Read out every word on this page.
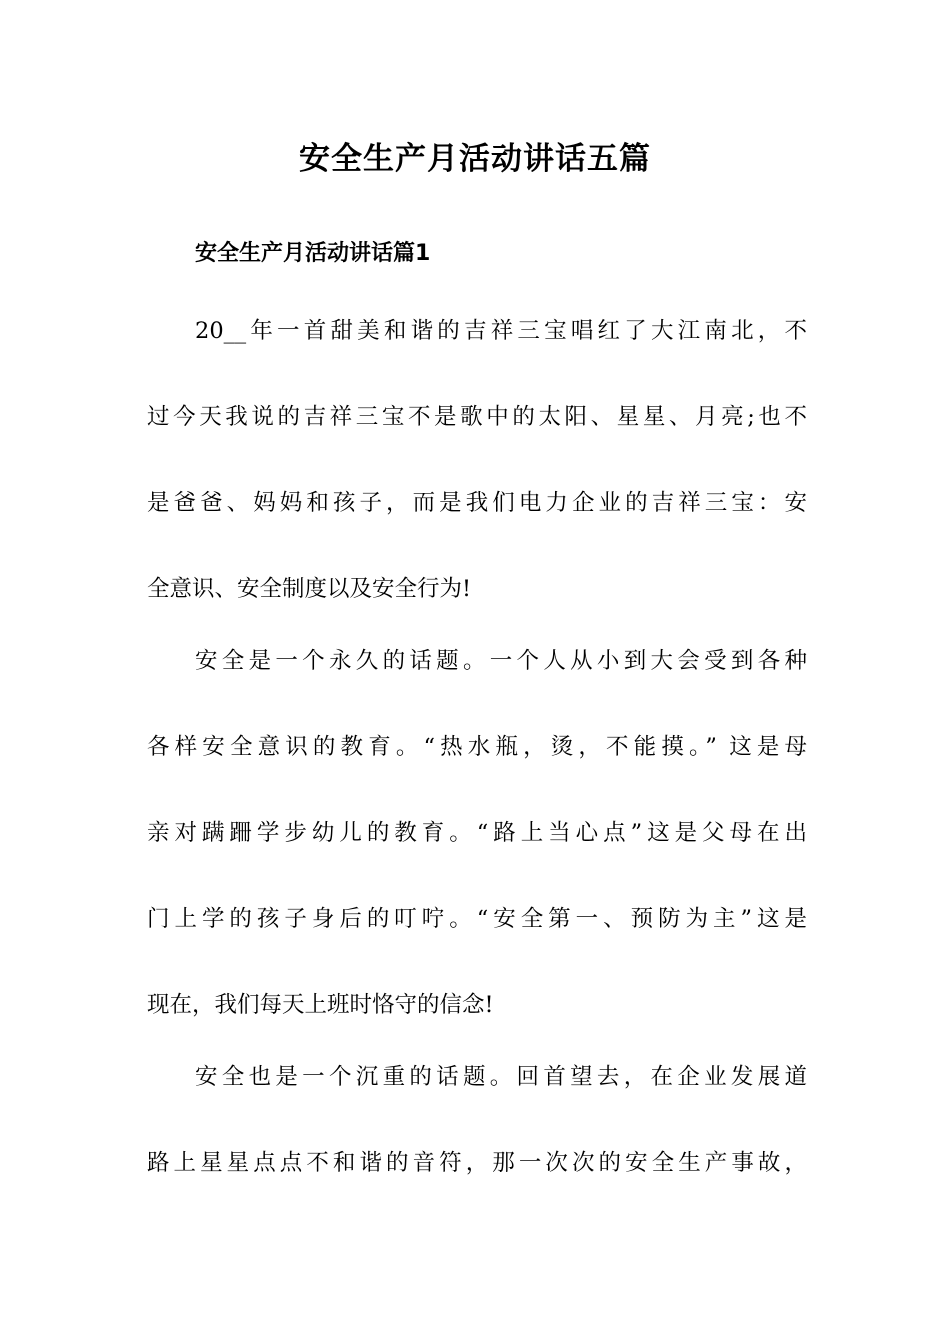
安全生产月活动讲话五篇
安全生产月活动讲话篇1

20__年一首甜美和谐的吉祥三宝唱红了大江南北，不

过今天我说的吉祥三宝不是歌中的太阳、星星、月亮;也不

是爸爸、妈妈和孩子，而是我们电力企业的吉祥三宝：安

全意识、安全制度以及安全行为!

安全是一个永久的话题。一个人从小到大会受到各种

各样安全意识的教育。“热水瓶，烫，不能摸。” 这是母

亲对蹒跚学步幼儿的教育。“路上当心点”这是父母在出

门上学的孩子身后的叮咛。“安全第一、预防为主”这是

现在，我们每天上班时恪守的信念!

安全也是一个沉重的话题。回首望去，在企业发展道

路上星星点点不和谐的音符，那一次次的安全生产事故，
